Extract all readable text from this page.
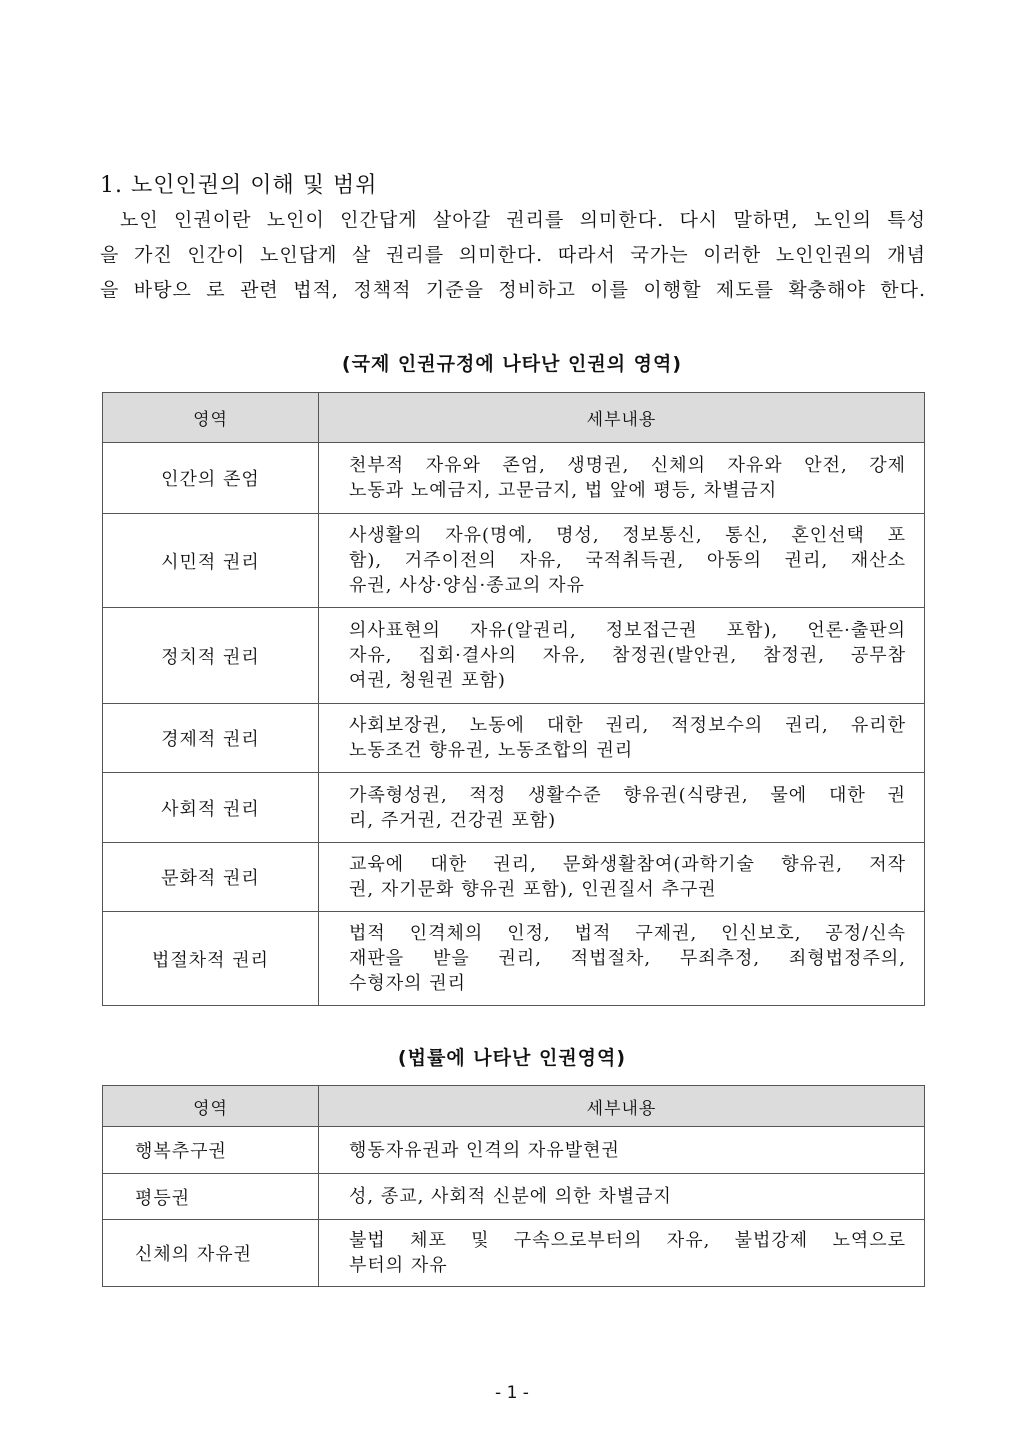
1. 노인인권의 이해 및 범위
노인 인권이란 노인이 인간답게 살아갈 권리를 의미한다. 다시 말하면, 노인의 특성
을 가진 인간이 노인답게 살 권리를 의미한다. 따라서 국가는 이러한 노인인권의 개념
을 바탕으 로 관련 법적, 정책적 기준을 정비하고 이를 이행할 제도를 확충해야 한다.
(국제 인권규정에 나타난 인권의 영역)
영역	세부내용
인간의 존엄	천부적 자유와 존엄, 생명권, 신체의 자유와 안전, 강제
노동과 노예금지, 고문금지, 법 앞에 평등, 차별금지

시민적 권리	사생활의 자유(명예, 명성, 정보통신, 통신, 혼인선택 포
함), 거주이전의 자유, 국적취득권, 아동의 권리, 재산소
유권, 사상·양심·종교의 자유

정치적 권리	의사표현의 자유(알권리, 정보접근권 포함), 언론·출판의
자유, 집회·결사의 자유, 참정권(발안권, 참정권, 공무참
여권, 청원권 포함)

경제적 권리	사회보장권, 노동에 대한 권리, 적정보수의 권리, 유리한
노동조건 향유권, 노동조합의 권리

사회적 권리	가족형성권, 적정 생활수준 향유권(식량권, 물에 대한 권
리, 주거권, 건강권 포함)

문화적 권리	교육에 대한 권리, 문화생활참여(과학기술 향유권, 저작
권, 자기문화 향유권 포함), 인권질서 추구권

법절차적 권리	법적 인격체의 인정, 법적 구제권, 인신보호, 공정/신속
재판을 받을 권리, 적법절차, 무죄추정, 죄형법정주의,
수형자의 권리
(법률에 나타난 인권영역)
영역	세부내용
행복추구권	행동자유권과 인격의 자유발현권

평등권	성, 종교, 사회적 신분에 의한 차별금지

신체의 자유권	불법 체포 및 구속으로부터의 자유, 불법강제 노역으로
부터의 자유
- 1 -
